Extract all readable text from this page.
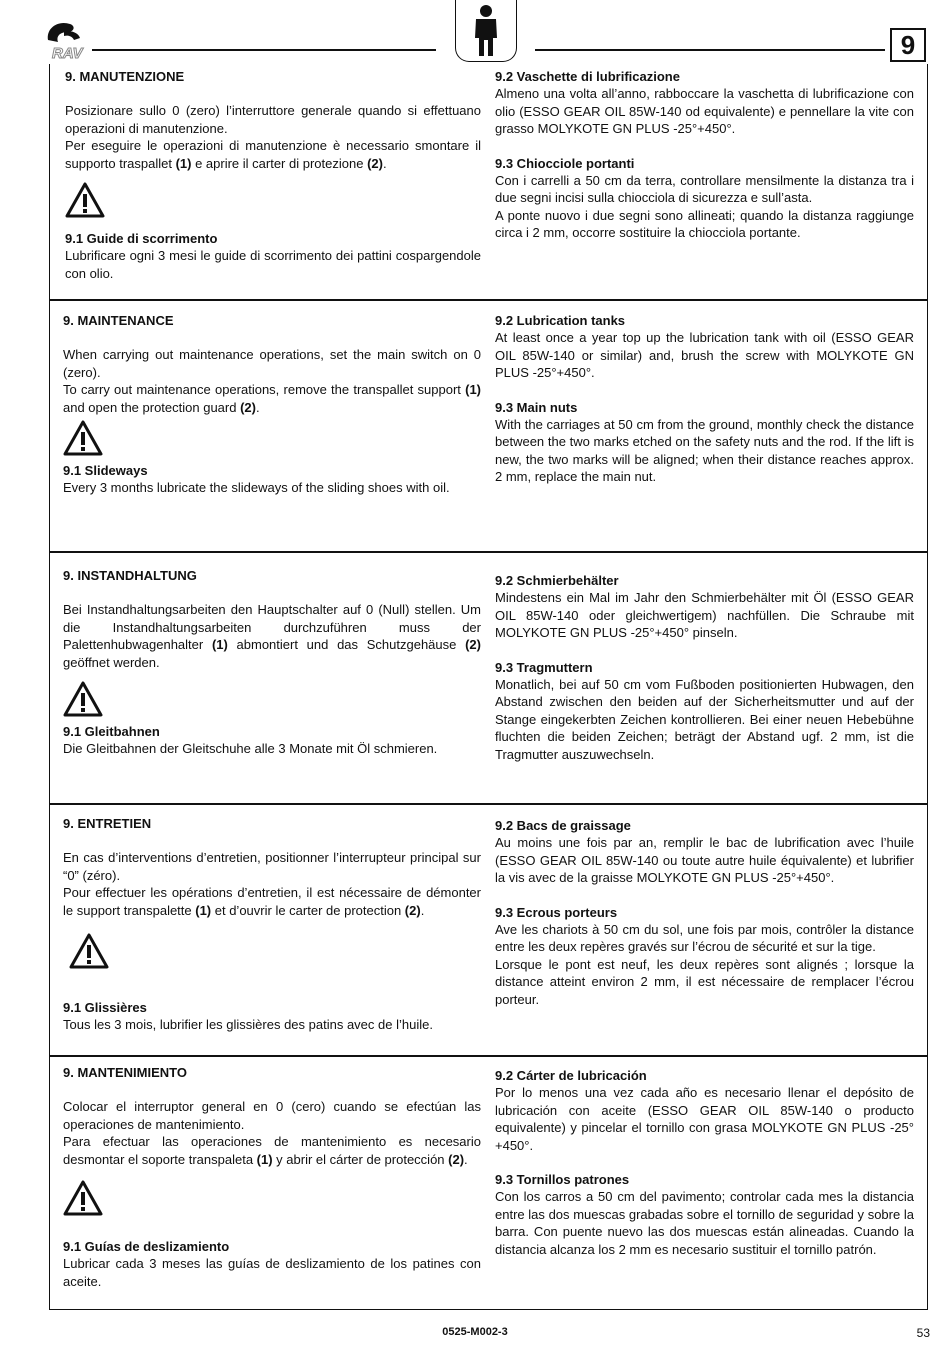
RAV	9

9. MANUTENZIONE

Posizionare sullo 0 (zero) l’interruttore generale quando si effettuano operazioni di manutenzione.

Per eseguire le operazioni di manutenzione è necessario smontare il supporto traspallet (1) e aprire il carter di protezione (2).

9.1 Guide di scorrimento

Lubrificare ogni 3 mesi le guide di scorrimento dei pattini cospargendole con olio.

9.2 Vaschette di lubrificazione

Almeno una volta all’anno, rabboccare la vaschetta di lubrificazione con olio (ESSO GEAR OIL 85W-140 od equivalente) e pennellare la vite con grasso MOLYKOTE GN PLUS -25°+450°.

9.3 Chiocciole portanti

Con i carrelli a 50 cm da terra, controllare mensilmente la distanza tra i due segni incisi sulla chiocciola di sicurezza e sull’asta.

A ponte nuovo i due segni sono allineati; quando la distanza raggiunge circa i 2 mm, occorre sostituire la chiocciola portante.

9. MAINTENANCE

When carrying out maintenance operations, set the main switch on 0 (zero).

To carry out maintenance operations, remove the transpallet support (1) and open the protection guard (2).

9.1 Slideways

Every 3 months lubricate the slideways of the sliding shoes with oil.

9.2 Lubrication tanks

At least once a year top up the lubrication tank with oil (ESSO GEAR OIL 85W-140 or similar) and, brush the screw with MOLYKOTE GN PLUS -25°+450°.

9.3 Main nuts

With the carriages at 50 cm from the ground, monthly check the distance between the two marks etched on the safety nuts and the rod. If the lift is new, the two marks will be aligned; when their distance reaches approx. 2 mm, replace the main nut.

9. INSTANDHALTUNG

Bei Instandhaltungsarbeiten den Hauptschalter auf 0 (Null) stellen. Um die Instandhaltungsarbeiten durchzuführen muss der Palettenhubwagenhalter (1) abmontiert und das Schutzgehäuse (2) geöffnet werden.

9.1 Gleitbahnen

Die Gleitbahnen der Gleitschuhe alle 3 Monate mit Öl schmieren.

9.2 Schmierbehälter

Mindestens ein Mal im Jahr den Schmierbehälter mit Öl (ESSO GEAR OIL 85W-140 oder gleichwertigem) nachfüllen. Die Schraube mit MOLYKOTE GN PLUS -25°+450° pinseln.

9.3 Tragmuttern

Monatlich, bei auf 50 cm vom Fußboden positionierten Hubwagen, den Abstand zwischen den beiden auf der Sicherheitsmutter und auf der Stange eingekerbten Zeichen kontrollieren. Bei einer neuen Hebebühne fluchten die beiden Zeichen; beträgt der Abstand ugf. 2 mm, ist die Tragmutter auszuwechseln.

9. ENTRETIEN

En cas d’interventions d’entretien, positionner l’interrupteur principal sur “0” (zéro).

Pour effectuer les opérations d’entretien, il est nécessaire de démonter le support transpalette (1) et d’ouvrir le carter de protection (2).

9.1 Glissières

Tous les 3 mois, lubrifier les glissières des patins avec de l’huile.

9.2 Bacs de graissage

Au moins une fois par an, remplir le bac de lubrification avec l’huile (ESSO GEAR OIL 85W-140 ou toute autre huile équivalente) et lubrifier la vis avec de la graisse MOLYKOTE GN PLUS -25°+450°.

9.3 Ecrous porteurs

Ave les chariots à 50 cm du sol, une fois par mois, contrôler la distance entre les deux repères gravés sur l’écrou de sécurité et sur la tige.

Lorsque le pont est neuf, les deux repères sont alignés ; lorsque la distance atteint environ 2 mm, il est nécessaire de remplacer l’écrou porteur.

9. MANTENIMIENTO

Colocar el interruptor general en 0 (cero) cuando se efectúan las operaciones de mantenimiento.

Para efectuar las operaciones de mantenimiento es necesario desmontar el soporte transpaleta (1) y abrir el cárter de protección (2).

9.1 Guías de deslizamiento

Lubricar cada 3 meses las guías de deslizamiento de los patines con aceite.

9.2 Cárter de lubricación

Por lo menos una vez cada año es necesario llenar el depósito de lubricación con aceite (ESSO GEAR OIL 85W-140 o producto equivalente) y pincelar el tornillo con grasa MOLYKOTE GN PLUS -25°+450°.

9.3 Tornillos patrones

Con los carros a 50 cm del pavimento; controlar cada mes la distancia entre las dos muescas grabadas sobre el tornillo de seguridad y sobre la barra. Con puente nuevo las dos muescas están alineadas. Cuando la distancia alcanza los 2 mm es necesario sustituir el tornillo patrón.

0525-M002-3	53
